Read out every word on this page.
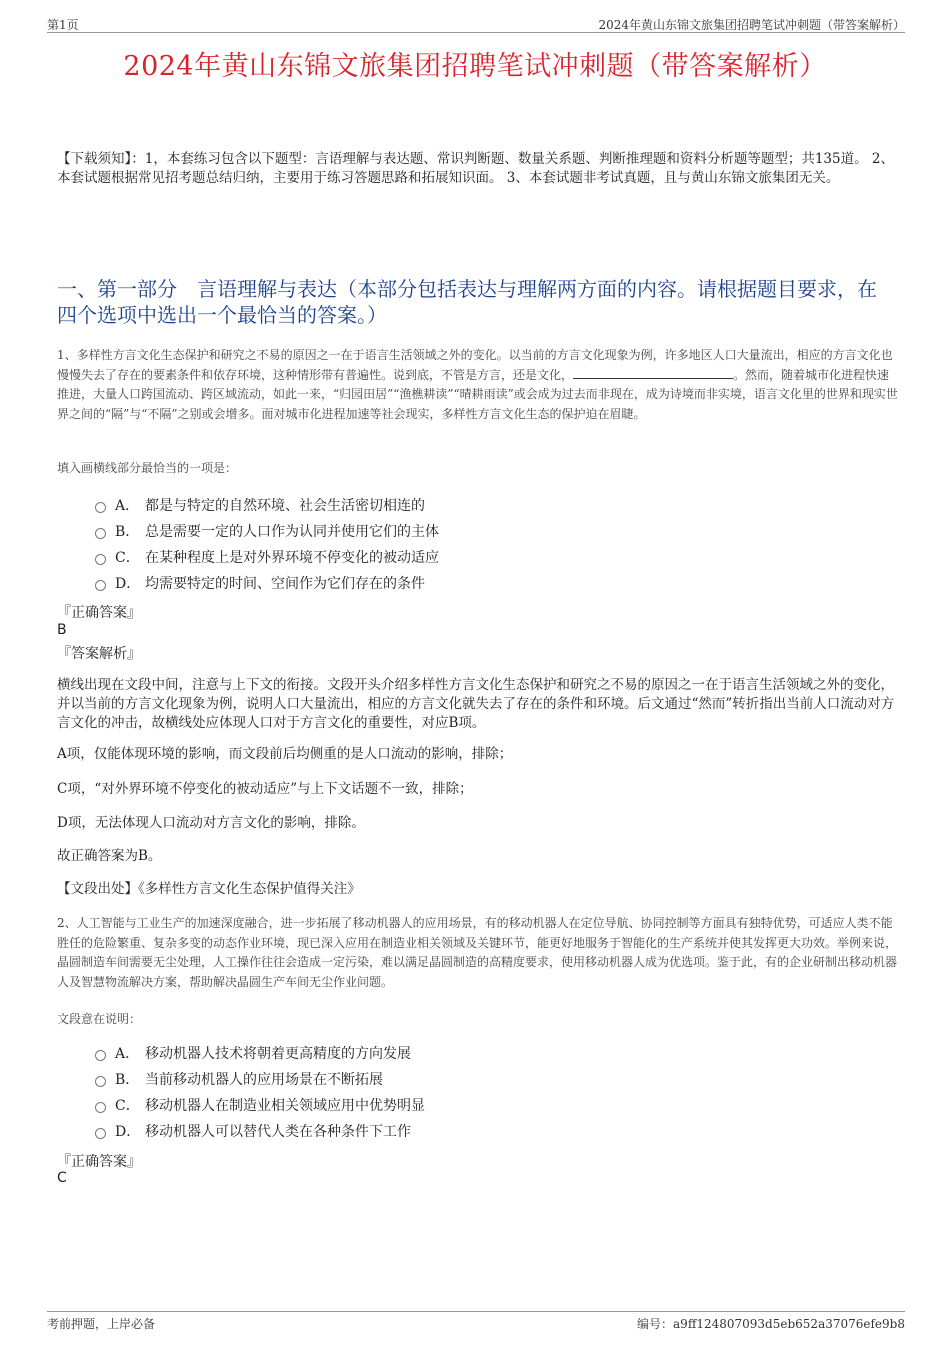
第1页	2024年黄山东锦文旅集团招聘笔试冲刺题（带答案解析）
2024年黄山东锦文旅集团招聘笔试冲刺题（带答案解析）
【下载须知】：1，本套练习包含以下题型：言语理解与表达题、常识判断题、数量关系题、判断推理题和资料分析题等题型；共135道。 2、本套试题根据常见招考题总结归纳，主要用于练习答题思路和拓展知识面。 3、本套试题非考试真题，且与黄山东锦文旅集团无关。
一、第一部分　言语理解与表达（本部分包括表达与理解两方面的内容。请根据题目要求，在四个选项中选出一个最恰当的答案。）
1、多样性方言文化生态保护和研究之不易的原因之一在于语言生活领域之外的变化。以当前的方言文化现象为例，许多地区人口大量流出，相应的方言文化也慢慢失去了存在的要素条件和依存环境，这种情形带有普遍性。说到底，不管是方言，还是文化，	。然而，随着城市化进程快速推进，大量人口跨国流动、跨区域流动，如此一来，“归园田居”“渔樵耕读”“晴耕雨读”或会成为过去而非现在，成为诗境而非实境，语言文化里的世界和现实世界之间的“隔”与“不隔”之别或会增多。面对城市化进程加速等社会现实，多样性方言文化生态的保护迫在眉睫。
填入画横线部分最恰当的一项是：
A． 都是与特定的自然环境、社会生活密切相连的
B． 总是需要一定的人口作为认同并使用它们的主体
C． 在某种程度上是对外界环境不停变化的被动适应
D． 均需要特定的时间、空间作为它们存在的条件
『正确答案』
B
『答案解析』
横线出现在文段中间，注意与上下文的衔接。文段开头介绍多样性方言文化生态保护和研究之不易的原因之一在于语言生活领域之外的变化，并以当前的方言文化现象为例，说明人口大量流出，相应的方言文化就失去了存在的条件和环境。后文通过“然而”转折指出当前人口流动对方言文化的冲击，故横线处应体现人口对于方言文化的重要性，对应B项。
A项，仅能体现环境的影响，而文段前后均侧重的是人口流动的影响，排除；
C项，“对外界环境不停变化的被动适应”与上下文话题不一致，排除；
D项，无法体现人口流动对方言文化的影响，排除。
故正确答案为B。
【文段出处】《多样性方言文化生态保护值得关注》
2、人工智能与工业生产的加速深度融合，进一步拓展了移动机器人的应用场景，有的移动机器人在定位导航、协同控制等方面具有独特优势，可适应人类不能胜任的危险繁重、复杂多变的动态作业环境，现已深入应用在制造业相关领域及关键环节，能更好地服务于智能化的生产系统并使其发挥更大功效。举例来说，晶圆制造车间需要无尘处理，人工操作往往会造成一定污染，难以满足晶圆制造的高精度要求，使用移动机器人成为优选项。鉴于此，有的企业研制出移动机器人及智慧物流解决方案，帮助解决晶圆生产车间无尘作业问题。
文段意在说明：
A． 移动机器人技术将朝着更高精度的方向发展
B． 当前移动机器人的应用场景在不断拓展
C． 移动机器人在制造业相关领域应用中优势明显
D． 移动机器人可以替代人类在各种条件下工作
『正确答案』
C
考前押题，上岸必备	编号：a9ff124807093d5eb652a37076efe9b8
